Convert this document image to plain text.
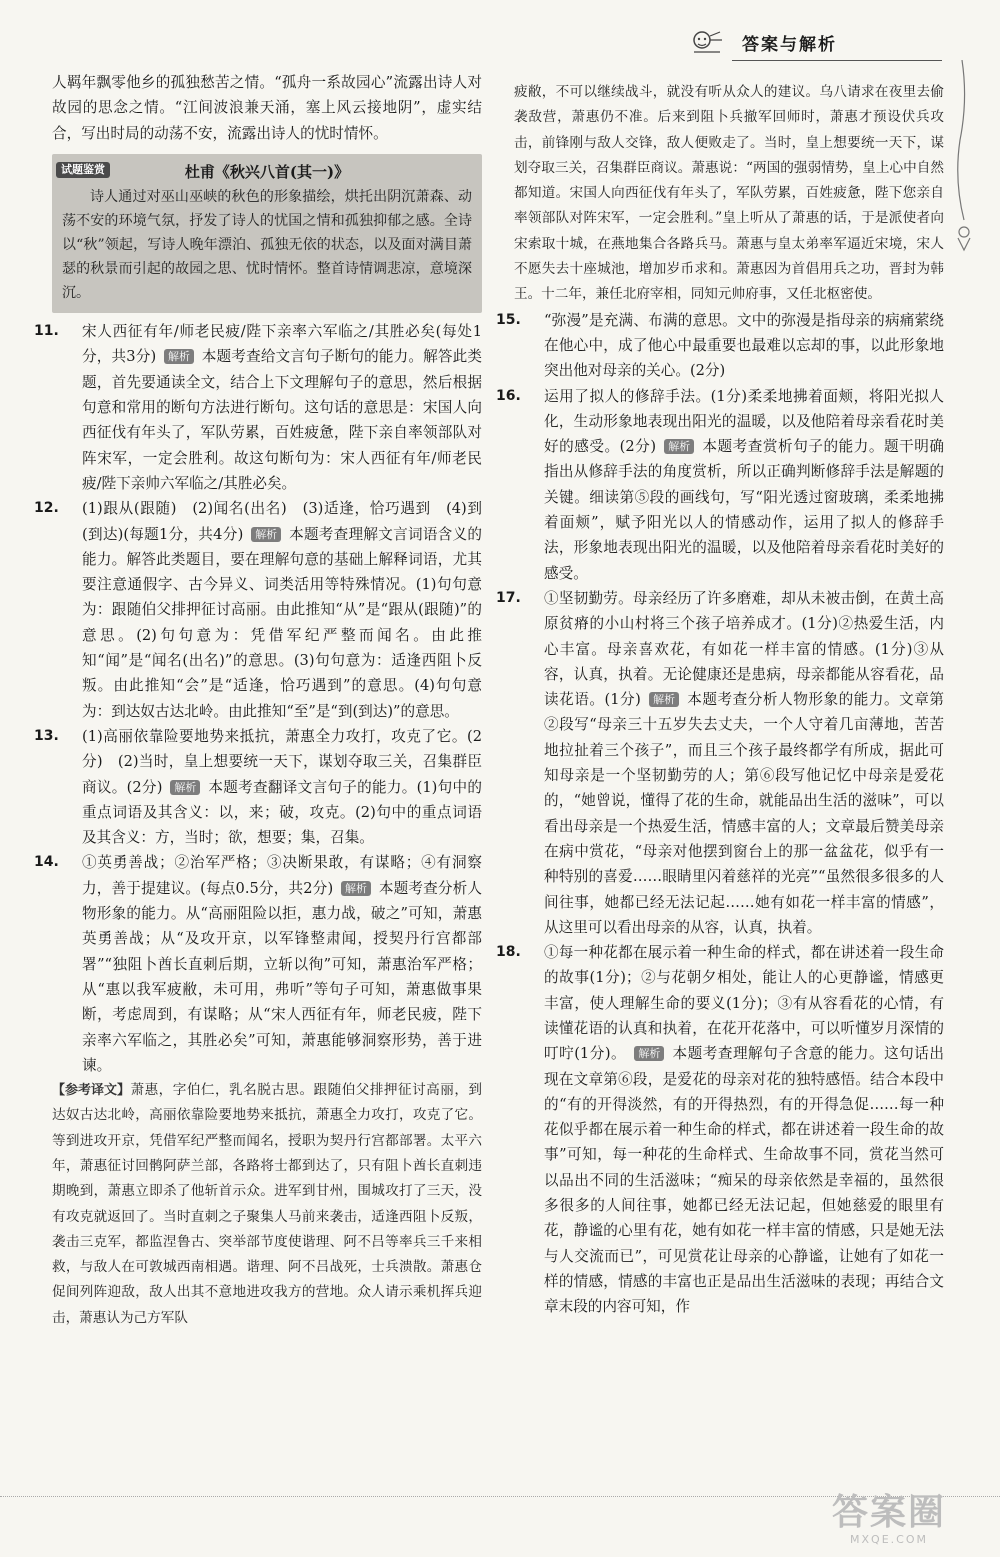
答案与解析

人羁年飘零他乡的孤独愁苦之情。“孤舟一系故园心”流露出诗人对故园的思念之情。“江间波浪兼天涌，塞上风云接地阴”，虚实结合，写出时局的动荡不安，流露出诗人的忧时情怀。

试题鉴赏	杜甫《秋兴八首(其一)》
诗人通过对巫山巫峡的秋色的形象描绘，烘托出阴沉萧森、动荡不安的环境气氛，抒发了诗人的忧国之情和孤独抑郁之感。全诗以“秋”领起，写诗人晚年漂泊、孤独无依的状态，以及面对满目萧瑟的秋景而引起的故园之思、忧时情怀。整首诗情调悲凉，意境深沉。
11. 宋人西征有年/师老民疲/陛下亲率六军临之/其胜必矣(每处1分，共3分) 解析 本题考查给文言句子断句的能力。解答此类题，首先要通读全文，结合上下文理解句子的意思，然后根据句意和常用的断句方法进行断句。这句话的意思是：宋国人向西征伐有年头了，军队劳累，百姓疲惫，陛下亲自率领部队对阵宋军，一定会胜利。故这句断句为：宋人西征有年/师老民疲/陛下亲帅六军临之/其胜必矣。
12. (1)跟从(跟随)　(2)闻名(出名)　(3)适逢，恰巧遇到　(4)到(到达)(每题1分，共4分) 解析 本题考查理解文言词语含义的能力。解答此类题目，要在理解句意的基础上解释词语，尤其要注意通假字、古今异义、词类活用等特殊情况。(1)句句意为：跟随伯父排押征讨高丽。由此推知“从”是“跟从(跟随)”的意思。(2)句句意为：凭借军纪严整而闻名。由此推知“闻”是“闻名(出名)”的意思。(3)句句意为：适逢西阻卜反叛。由此推知“会”是“适逢，恰巧遇到”的意思。(4)句句意为：到达奴古达北岭。由此推知“至”是“到(到达)”的意思。
13. (1)高丽依靠险要地势来抵抗，萧惠全力攻打，攻克了它。(2分)　(2)当时，皇上想要统一天下，谋划夺取三关，召集群臣商议。(2分) 解析 本题考查翻译文言句子的能力。(1)句中的重点词语及其含义：以，来；破，攻克。(2)句中的重点词语及其含义：方，当时；欲，想要；集，召集。
14. ①英勇善战；②治军严格；③决断果敢，有谋略；④有洞察力，善于提建议。(每点0.5分，共2分) 解析 本题考查分析人物形象的能力。从“高丽阻险以拒，惠力战，破之”可知，萧惠英勇善战；从“及攻开京，以军锋整肃闻，授契丹行宫都部署”“独阻卜酋长直刺后期，立斩以徇”可知，萧惠治军严格；从“惠以我军疲敝，未可用，弗听”等句子可知，萧惠做事果断，考虑周到，有谋略；从“宋人西征有年，师老民疲，陛下亲率六军临之，其胜必矣”可知，萧惠能够洞察形势，善于进谏。
【参考译文】萧惠，字伯仁，乳名脱古思。跟随伯父排押征讨高丽，到达奴古达北岭，高丽依靠险要地势来抵抗，萧惠全力攻打，攻克了它。等到进攻开京，凭借军纪严整而闻名，授职为契丹行宫都部署。太平六年，萧惠征讨回鹘阿萨兰部，各路将士都到达了，只有阻卜酋长直刺违期晚到，萧惠立即杀了他斩首示众。进军到甘州，围城攻打了三天，没有攻克就返回了。当时直刺之子聚集人马前来袭击，适逢西阻卜反叛，袭击三克军，都监涅鲁古、突举部节度使谐理、阿不吕等率兵三千来相救，与敌人在可敦城西南相遇。谐理、阿不吕战死，士兵溃散。萧惠仓促间列阵迎敌，敌人出其不意地进攻我方的营地。众人请示乘机挥兵迎击，萧惠认为己方军队
疲敝，不可以继续战斗，就没有听从众人的建议。乌八请求在夜里去偷袭敌营，萧惠仍不准。后来到阻卜兵撤军回师时，萧惠才预设伏兵攻击，前锋刚与敌人交锋，敌人便败走了。当时，皇上想要统一天下，谋划夺取三关，召集群臣商议。萧惠说：“两国的强弱情势，皇上心中自然都知道。宋国人向西征伐有年头了，军队劳累，百姓疲惫，陛下您亲自率领部队对阵宋军，一定会胜利。”皇上听从了萧惠的话，于是派使者向宋索取十城，在燕地集合各路兵马。萧惠与皇太弟率军逼近宋境，宋人不愿失去十座城池，增加岁币求和。萧惠因为首倡用兵之功，晋封为韩王。十二年，兼任北府宰相，同知元帅府事，又任北枢密使。
15. “弥漫”是充满、布满的意思。文中的弥漫是指母亲的病痛萦绕在他心中，成了他心中最重要也最难以忘却的事，以此形象地突出他对母亲的关心。(2分)
16. 运用了拟人的修辞手法。(1分)柔柔地拂着面颊，将阳光拟人化，生动形象地表现出阳光的温暖，以及他陪着母亲看花时美好的感受。(2分) 解析 本题考查赏析句子的能力。题干明确指出从修辞手法的角度赏析，所以正确判断修辞手法是解题的关键。细读第⑤段的画线句，写“阳光透过窗玻璃，柔柔地拂着面颊”，赋予阳光以人的情感动作，运用了拟人的修辞手法，形象地表现出阳光的温暖，以及他陪着母亲看花时美好的感受。
17. ①坚韧勤劳。母亲经历了许多磨难，却从未被击倒，在黄土高原贫瘠的小山村将三个孩子培养成才。(1分)②热爱生活，内心丰富。母亲喜欢花，有如花一样丰富的情感。(1分)③从容，认真，执着。无论健康还是患病，母亲都能从容看花，品读花语。(1分) 解析 本题考查分析人物形象的能力。文章第②段写“母亲三十五岁失去丈夫，一个人守着几亩薄地，苦苦地拉扯着三个孩子”，而且三个孩子最终都学有所成，据此可知母亲是一个坚韧勤劳的人；第⑥段写他记忆中母亲是爱花的，“她曾说，懂得了花的生命，就能品出生活的滋味”，可以看出母亲是一个热爱生活，情感丰富的人；文章最后赞美母亲在病中赏花，“母亲对他摆到窗台上的那一盆盆花，似乎有一种特别的喜爱……眼睛里闪着慈祥的光亮”“虽然很多很多的人间往事，她都已经无法记起……她有如花一样丰富的情感”，从这里可以看出母亲的从容，认真，执着。
18. ①每一种花都在展示着一种生命的样式，都在讲述着一段生命的故事(1分)；②与花朝夕相处，能让人的心更静谧，情感更丰富，使人理解生命的要义(1分)；③有从容看花的心情，有读懂花语的认真和执着，在花开花落中，可以听懂岁月深情的叮咛(1分)。 解析 本题考查理解句子含意的能力。这句话出现在文章第⑥段，是爱花的母亲对花的独特感悟。结合本段中的“有的开得淡然，有的开得热烈，有的开得急促……每一种花似乎都在展示着一种生命的样式，都在讲述着一段生命的故事”可知，每一种花的生命样式、生命故事不同，赏花当然可以品出不同的生活滋味；“痴呆的母亲依然是幸福的，虽然很多很多的人间往事，她都已经无法记起，但她慈爱的眼里有花，静谧的心里有花，她有如花一样丰富的情感，只是她无法与人交流而已”，可见赏花让母亲的心静谧，让她有了如花一样的情感，情感的丰富也正是品出生活滋味的表现；再结合文章末段的内容可知，作
答案圈
MXQE.COM
